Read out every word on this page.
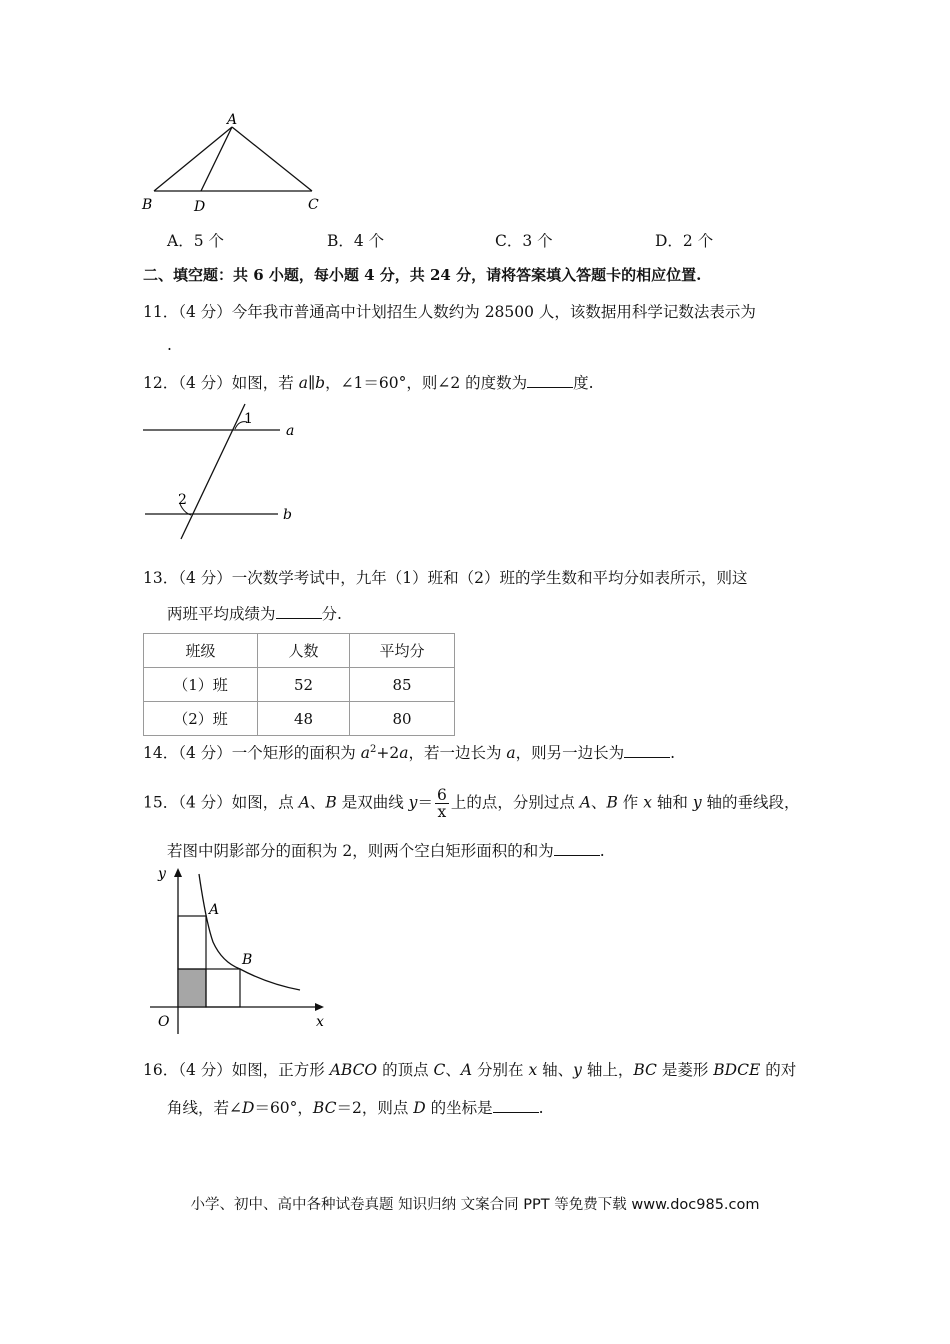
A
B	D	C
A．5 个	B．4 个	C．3 个	D．2 个
二、填空题：共 6 小题，每小题 4 分，共 24 分，请将答案填入答题卡的相应位置.
11．（4 分）今年我市普通高中计划招生人数约为 28500 人，该数据用科学记数法表示为
.
12．（4 分）如图，若 a∥b，∠1＝60°，则∠2 的度数为	度.
1
a
2
b
13．（4 分）一次数学考试中，九年（1）班和（2）班的学生数和平均分如表所示，则这
两班平均成绩为	分.
班级	人数	平均分
（1）班	52	85
（2）班	48	80
14．（4 分）一个矩形的面积为 $a^2+2a$，若一边长为 a，则另一边长为	.
15．（4 分）如图，点 A、B 是双曲线 $y= \frac{6}{x}$ 上的点，分别过点 A、B 作 x 轴和 y 轴的垂线段，
若图中阴影部分的面积为 2，则两个空白矩形面积的和为	.
y
A
B
O	x
16．（4 分）如图，正方形 ABCO 的顶点 C、A 分别在 x 轴、y 轴上，BC 是菱形 BDCE 的对
角线，若∠D＝60°，BC＝2，则点 D 的坐标是	.
小学、初中、高中各种试卷真题 知识归纳 文案合同 PPT 等免费下载 www.doc985.com
